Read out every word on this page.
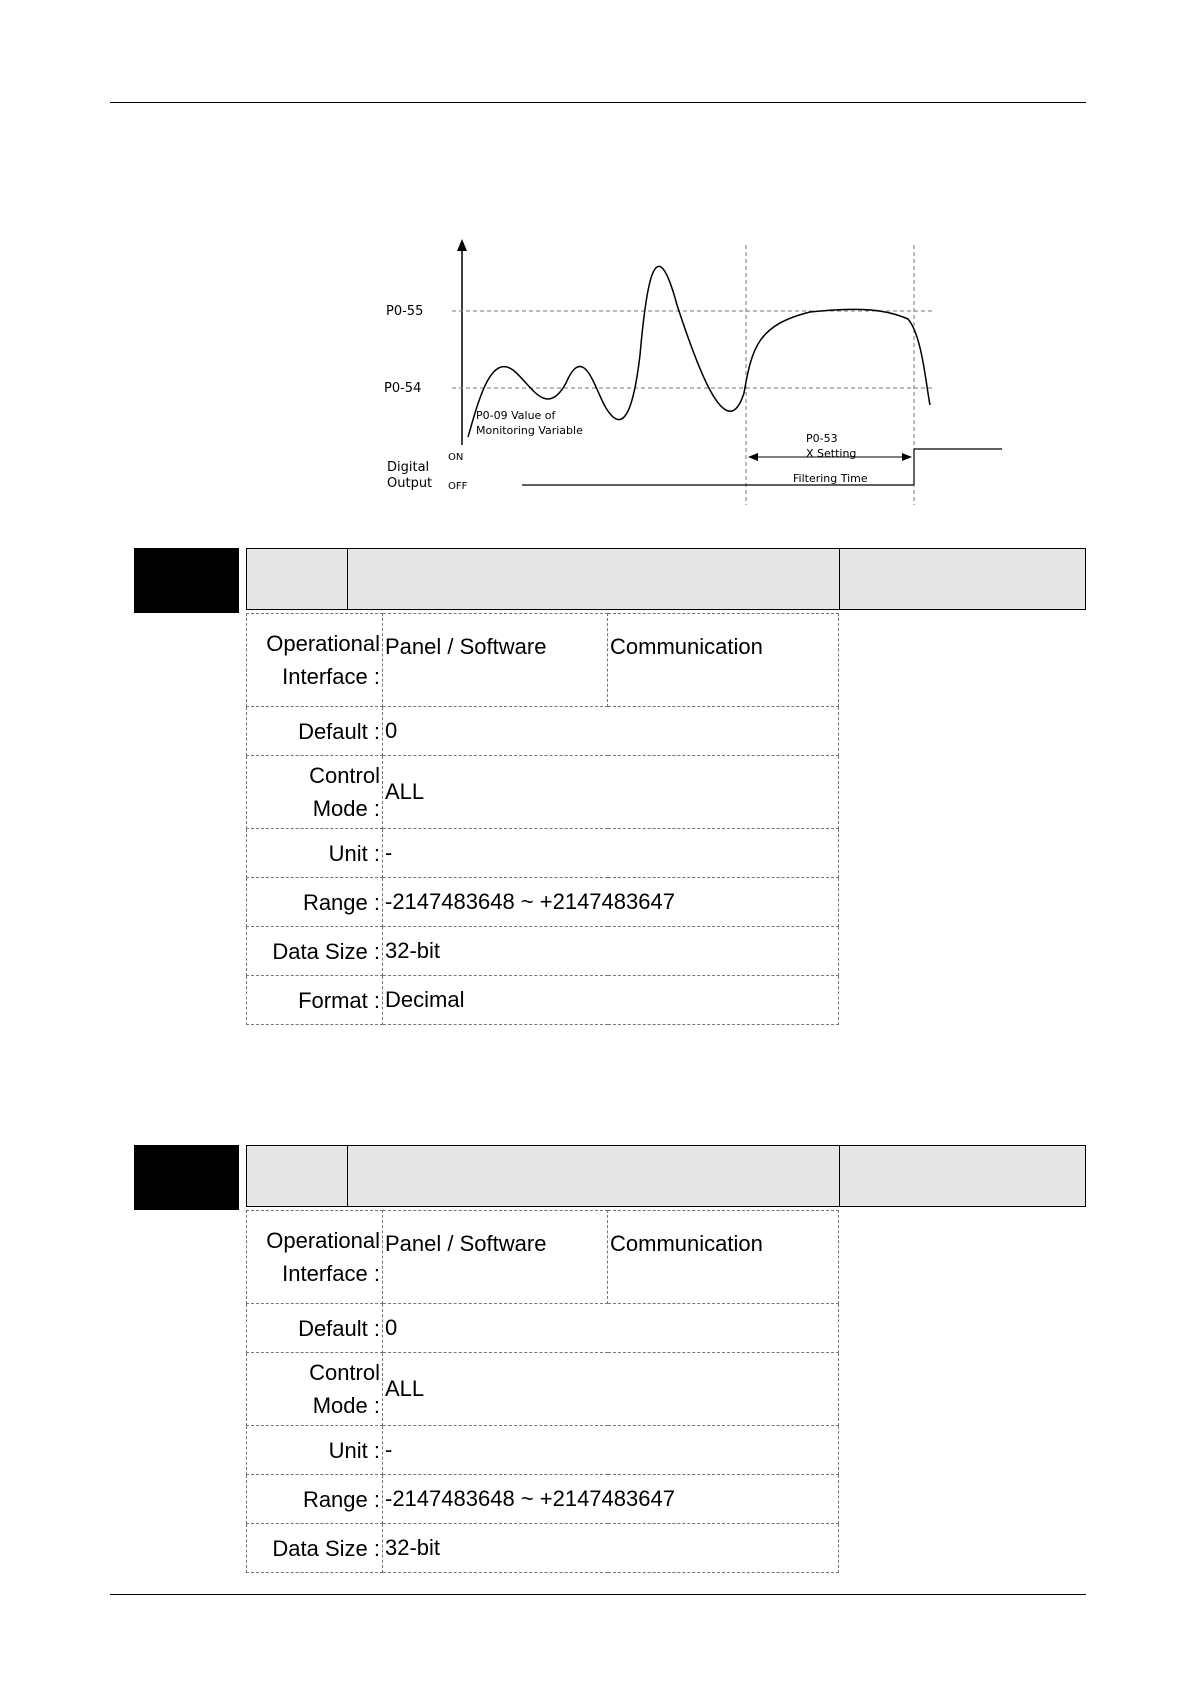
P0-55
P0-54
P0-09 Value of
Monitoring Variable
Digital
Output
ON
OFF
P0-53
X Setting
Filtering Time
Operational
Interface :	Panel / Software	Communication
Default :	0	

Control
Mode :	ALL	
Unit :	-	
Range :	-2147483648 ~ +2147483647	
Data Size :	32-bit	
Format :	Decimal	
Operational
Interface :	Panel / Software	Communication
Default :	0	

Control
Mode :	ALL	
Unit :	-	
Range :	-2147483648 ~ +2147483647	
Data Size :	32-bit	
